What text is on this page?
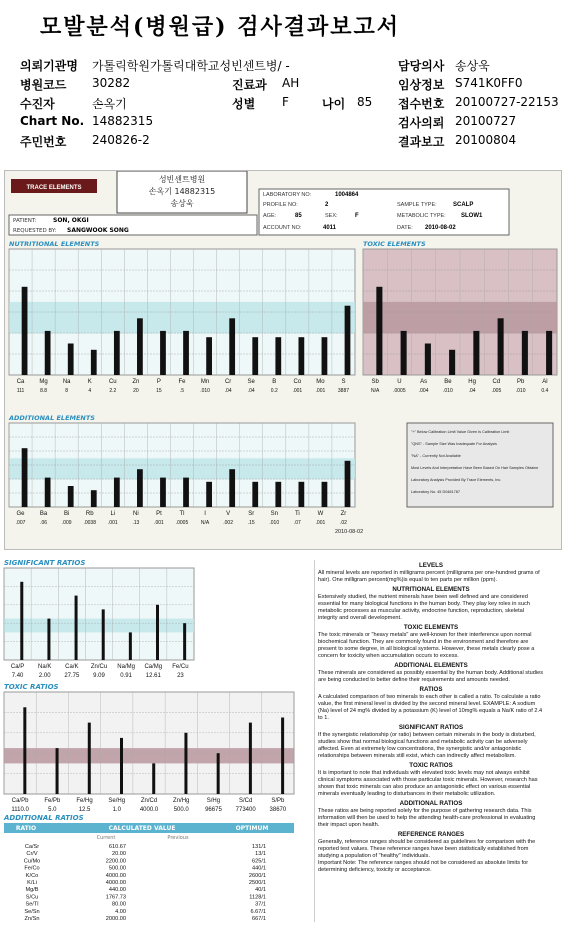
모발분석(병원급) 검사결과보고서
TRACE ELEMENTS
성빈센트병원
손옥기 14882315
송상욱
LABORATORY NO:	1004864
PROFILE NO:	2	SAMPLE TYPE:	SCALP
AGE:	85	SEX:	F	METABOLIC TYPE:	SLOW1
ACCOUNT NO:	4011	DATE: 2010-08-02
PATIENT:	SON, OKGI
REQUESTED BY: SANGWOOK SONG
NUTRITIONAL ELEMENTS
Ca
111
Mg
8.8
Na
8
K
4
Cu
2.2
Zn
20
P
15
Fe
.5
Mn
.010
Cr
.04
Se
.04
B
0.2
Co
.001
Mo
.001
S
3887
TOXIC ELEMENTS
Sb
N/A
U
.0005
As
.004
Be
.010
Hg
.04
Cd
.005
Pb
.010
Al
0.4
ADDITIONAL ELEMENTS
Ge
.007
Ba
.06
Bi
.009
Rb
.0038
Li
.001
Ni
.13
Pt
.001
Tl
.0005
I
N/A
V
.002
Sr
.15
Sn
.010
Ti
.07
W
.001
Zr
.02
2010-08-02
"+" Below Calibration Limit Value Given Is Calibration Limit
"QNS" - Sample Size Was Inadequate For Analysis
"NA" - Currently Not Available
Most Levels And Interpretation Have Been Based On Hair Samples Obtaine
Laboratory Analysis Provided By Trace Elements, Inc.
Laboratory No. 45 D0481787
SIGNIFICANT RATIOS
Ca/P
7.40
Na/K
2.00
Ca/K
27.75
Zn/Cu
9.09
Na/Mg
0.91
Ca/Mg
12.61
Fe/Cu
23
TOXIC RATIOS
Ca/Pb
1110.0
Fe/Pb
5.0
Fe/Hg
12.5
Se/Hg
1.0
Zn/Cd
4000.0
Zn/Hg
500.0
S/Hg
96675
S/Cd
773400
S/Pb
38670
ADDITIONAL RATIOS
RATIO	CALCULATED VALUE	OPTIMUM
Current	Previous
Ca/Sr	610.67	131/1
Cr/V	20.00	13/1
Cu/Mo	2200.00	625/1
Fe/Co	500.00	440/1
K/Co	4000.00	2600/1
K/Li	4000.00	2500/1
Mg/B	440.00	40/1
S/Cu	1767.73	1128/1
Se/Tl	80.00	37/1
Se/Sn	4.00	6.67/1
Zn/Sn	2000.00	667/1
LEVELS
All mineral levels are reported in milligrams percent (milligrams per one-hundred grams of hair). One milligram percent(mg%)is equal to ten parts per million (ppm).
NUTRITIONAL ELEMENTS
Extensively studied, the nutrient minerals have been well defined and are considered essential for many biological functions in the human body. They play key roles in such metabolic processes as muscular activity, endocrine function, reproduction, skeletal integrity and overall development.
TOXIC ELEMENTS
The toxic minerals or "heavy metals" are well-known for their interference upon normal biochemical function. They are commonly found in the environment and therefore are present to some degree, in all biological systems. However, these metals clearly pose a concern for toxicity when accumulation occurs to excess.
ADDITIONAL ELEMENTS
These minerals are considered as possibly essential by the human body. Additional studies are being conducted to better define their requirements and amounts needed.
RATIOS
A calculated comparison of two minerals to each other is called a ratio. To calculate a ratio value, the first mineral level is divided by the second mineral level. EXAMPLE: A sodium (Na) level of 24 mg% divided by a potassium (K) level of 10mg% equals a Na/K ratio of 2.4 to 1.
SIGNIFICANT RATIOS
If the synergistic relationship (or ratio) between certain minerals in the body is disturbed, studies show that normal biological functions and metabolic activity can be adversely affected. Even at extremely low concentrations, the synergistic and/or antagonistic relationships between minerals still exist, which can indirectly affect metabolism.
TOXIC RATIOS
It is important to note that individuals with elevated toxic levels may not always exhibit clinical symptoms associated with those particular toxic minerals. However, research has shown that toxic minerals can also produce an antagonistic effect on various essential minerals eventually leading to disturbances in their metabolic utilization.
ADDITIONAL RATIOS
These ratios are being reported solely for the purpose of gathering research data. This information will then be used to help the attending health-care professional in evaluating their impact upon health.
REFERENCE RANGES
Generally, reference ranges should be considered as guidelines for comparison with the reported test values. These reference ranges have been statistically established from studying a population of "healthy" individuals.
Important Note: The reference ranges should not be considered as absolute limits for determining deficiency, toxicity or acceptance.
의뢰기관명 가톨릭학원가톨릭대학교성빈센트병/ -
병원코드 30282
수진자	손옥기
Chart No. 14882315
주민번호 240826-2
진료과 AH
성별 F	나이 85
담당의사 송상욱
임상정보 S741K0FF0
접수번호 20100727-22153
검사의뢰 20100727
결과보고 20100804
